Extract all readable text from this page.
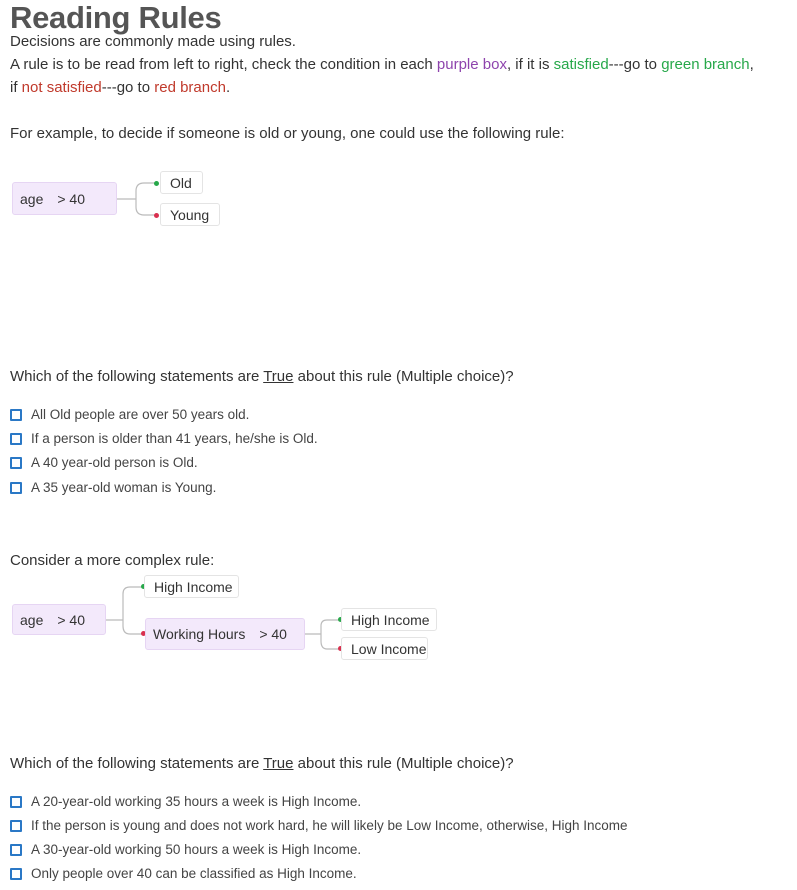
Reading Rules
Decisions are commonly made using rules.
A rule is to be read from left to right, check the condition in each purple box, if it is satisfied---go to green branch,
if not satisfied---go to red branch.
For example, to decide if someone is old or young, one could use the following rule:
age > 40
Old
Young
Which of the following statements are True about this rule (Multiple choice)?
All Old people are over 50 years old.
If a person is older than 41 years, he/she is Old.
A 40 year-old person is Old.
A 35 year-old woman is Young.
Consider a more complex rule:
age > 40
High Income
Working Hours > 40
High Income
Low Income
Which of the following statements are True about this rule (Multiple choice)?
A 20-year-old working 35 hours a week is High Income.
If the person is young and does not work hard, he will likely be Low Income, otherwise, High Income
A 30-year-old working 50 hours a week is High Income.
Only people over 40 can be classified as High Income.
